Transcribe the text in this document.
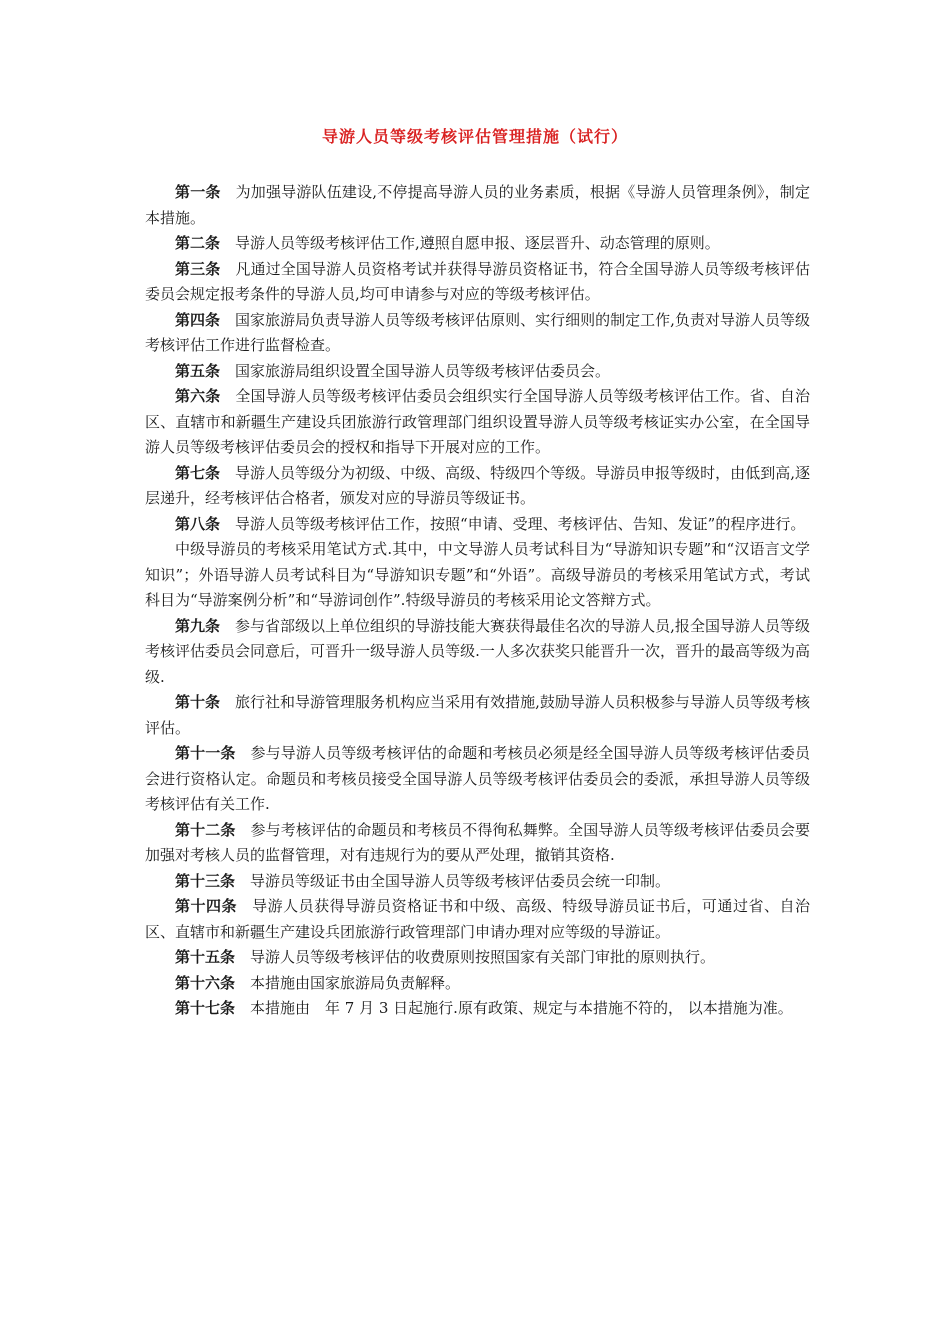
导游人员等级考核评估管理措施（试行）

第一条 为加强导游队伍建设,不停提高导游人员的业务素质，根据《导游人员管理条例》，制定本措施。

第二条 导游人员等级考核评估工作,遵照自愿申报、逐层晋升、动态管理的原则。

第三条 凡通过全国导游人员资格考试并获得导游员资格证书，符合全国导游人员等级考核评估委员会规定报考条件的导游人员,均可申请参与对应的等级考核评估。

第四条 国家旅游局负责导游人员等级考核评估原则、实行细则的制定工作,负责对导游人员等级考核评估工作进行监督检查。

第五条 国家旅游局组织设置全国导游人员等级考核评估委员会。

第六条 全国导游人员等级考核评估委员会组织实行全国导游人员等级考核评估工作。省、自治区、直辖市和新疆生产建设兵团旅游行政管理部门组织设置导游人员等级考核证实办公室，在全国导游人员等级考核评估委员会的授权和指导下开展对应的工作。

第七条 导游人员等级分为初级、中级、高级、特级四个等级。导游员申报等级时，由低到高,逐层递升，经考核评估合格者，颁发对应的导游员等级证书。

第八条 导游人员等级考核评估工作，按照“申请、受理、考核评估、告知、发证”的程序进行。

中级导游员的考核采用笔试方式.其中，中文导游人员考试科目为“导游知识专题”和“汉语言文学知识”；外语导游人员考试科目为“导游知识专题”和“外语”。高级导游员的考核采用笔试方式，考试科目为“导游案例分析”和“导游词创作”.特级导游员的考核采用论文答辩方式。

第九条 参与省部级以上单位组织的导游技能大赛获得最佳名次的导游人员,报全国导游人员等级考核评估委员会同意后，可晋升一级导游人员等级.一人多次获奖只能晋升一次，晋升的最高等级为高级.

第十条 旅行社和导游管理服务机构应当采用有效措施,鼓励导游人员积极参与导游人员等级考核评估。

第十一条 参与导游人员等级考核评估的命题和考核员必须是经全国导游人员等级考核评估委员会进行资格认定。命题员和考核员接受全国导游人员等级考核评估委员会的委派，承担导游人员等级考核评估有关工作.

第十二条 参与考核评估的命题员和考核员不得徇私舞弊。全国导游人员等级考核评估委员会要加强对考核人员的监督管理，对有违规行为的要从严处理，撤销其资格.

第十三条 导游员等级证书由全国导游人员等级考核评估委员会统一印制。

第十四条 导游人员获得导游员资格证书和中级、高级、特级导游员证书后，可通过省、自治区、直辖市和新疆生产建设兵团旅游行政管理部门申请办理对应等级的导游证。

第十五条 导游人员等级考核评估的收费原则按照国家有关部门审批的原则执行。

第十六条 本措施由国家旅游局负责解释。

第十七条 本措施由　年 7 月 3 日起施行.原有政策、规定与本措施不符的， 以本措施为准。
